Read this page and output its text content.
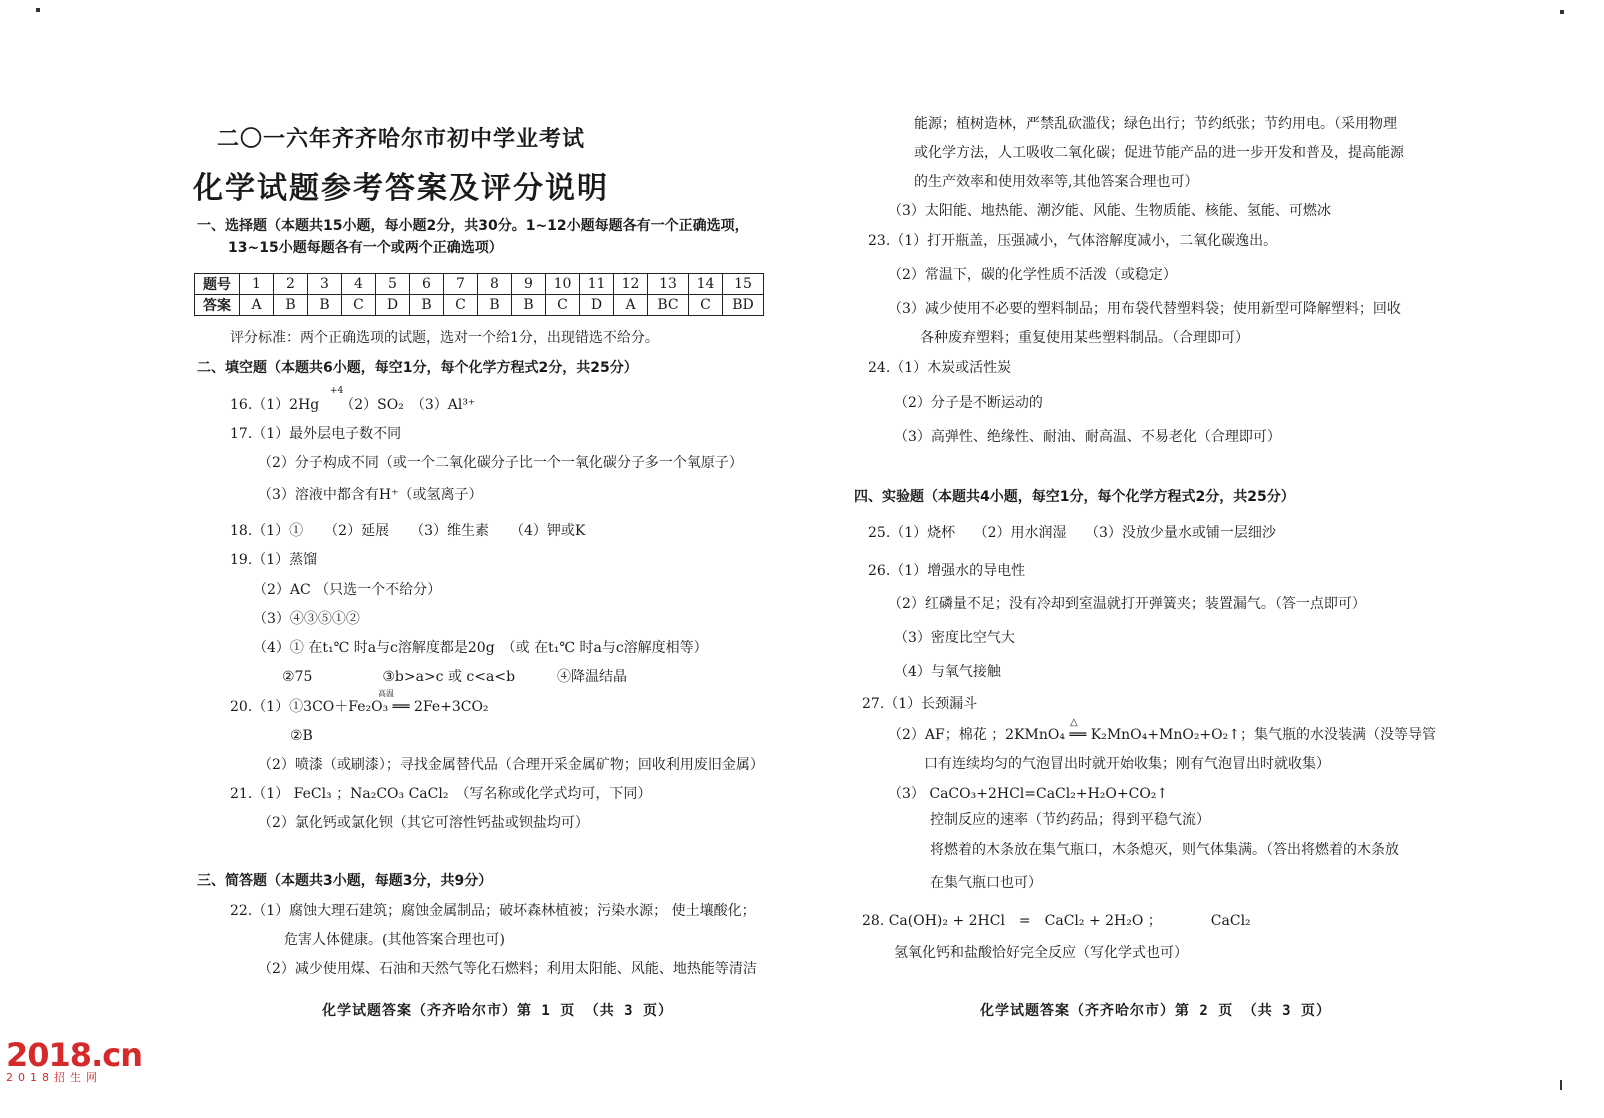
二〇一六年齐齐哈尔市初中学业考试
化学试题参考答案及评分说明
一、选择题（本题共15小题，每小题2分，共30分。1~12小题每题各有一个正确选项，
13~15小题每题各有一个或两个正确选项）
题号	1	2	3	4	5	6	7	8	9	10	11	12	13	14	15
答案	A	B	B	C	D	B	C	B	B	C	D	A	BC	C	BD
评分标准：两个正确选项的试题，选对一个给1分，出现错选不给分。
二、填空题（本题共6小题，每空1分，每个化学方程式2分，共25分）
+4
16.（1）2Hg　　（2）SO₂　（3）Al³⁺
17.（1）最外层电子数不同
（2）分子构成不同（或一个二氧化碳分子比一个一氧化碳分子多一个氧原子）
（3）溶液中都含有H⁺（或氢离子）
18.（1）①　　（2）延展　　（3）维生素　　（4）钾或K
19.（1）蒸馏
（2）AC （只选一个不给分）
（3）④③⑤①②
（4）① 在t₁℃ 时a与c溶解度都是20g　（或 在t₁℃ 时a与c溶解度相等）
②75　　　　　③b>a>c 或 c<a<b　　　④降温结晶
高温
20.（1）①3CO＋Fe₂O₃ ══ 2Fe+3CO₂
②B
（2）喷漆（或刷漆）；寻找金属替代品（合理开采金属矿物；回收利用废旧金属）
21.（1） FeCl₃ ；Na₂CO₃ CaCl₂　（写名称或化学式均可，下同）
（2）氯化钙或氯化钡（其它可溶性钙盐或钡盐均可）
三、简答题（本题共3小题，每题3分，共9分）
22.（1）腐蚀大理石建筑；腐蚀金属制品；破坏森林植被；污染水源； 使土壤酸化；
危害人体健康。(其他答案合理也可)
（2）减少使用煤、石油和天然气等化石燃料；利用太阳能、风能、地热能等清洁
化学试题答案（齐齐哈尔市）第 1 页 （共 3 页）
能源；植树造林，严禁乱砍滥伐；绿色出行；节约纸张；节约用电。（采用物理
或化学方法，人工吸收二氧化碳；促进节能产品的进一步开发和普及，提高能源
的生产效率和使用效率等,其他答案合理也可）
（3）太阳能、地热能、潮汐能、风能、生物质能、核能、氢能、可燃冰
23.（1）打开瓶盖，压强减小，气体溶解度减小，二氧化碳逸出。
（2）常温下，碳的化学性质不活泼（或稳定）
（3）减少使用不必要的塑料制品；用布袋代替塑料袋；使用新型可降解塑料；回收
各种废弃塑料；重复使用某些塑料制品。（合理即可）
24.（1）木炭或活性炭
（2）分子是不断运动的
（3）高弹性、绝缘性、耐油、耐高温、不易老化（合理即可）
四、实验题（本题共4小题，每空1分，每个化学方程式2分，共25分）
25.（1）烧杯　 （2）用水润湿　 （3）没放少量水或铺一层细沙
26.（1）增强水的导电性
（2）红磷量不足；没有冷却到室温就打开弹簧夹；装置漏气。（答一点即可）
（3）密度比空气大
（4）与氧气接触
27.（1）长颈漏斗
△
（2）AF；棉花 ；2KMnO₄ ══ K₂MnO₄+MnO₂+O₂↑；集气瓶的水没装满（没等导管
口有连续均匀的气泡冒出时就开始收集；刚有气泡冒出时就收集）
（3） CaCO₃+2HCl=CaCl₂+H₂O+CO₂↑
控制反应的速率（节约药品；得到平稳气流）
将燃着的木条放在集气瓶口，木条熄灭，则气体集满。（答出将燃着的木条放
在集气瓶口也可）
28. Ca(OH)₂ + 2HCl　=　CaCl₂ + 2H₂O ；　　　　CaCl₂
氢氧化钙和盐酸恰好完全反应（写化学式也可）
化学试题答案（齐齐哈尔市）第 2 页 （共 3 页）
2018.cn
2018招生网
